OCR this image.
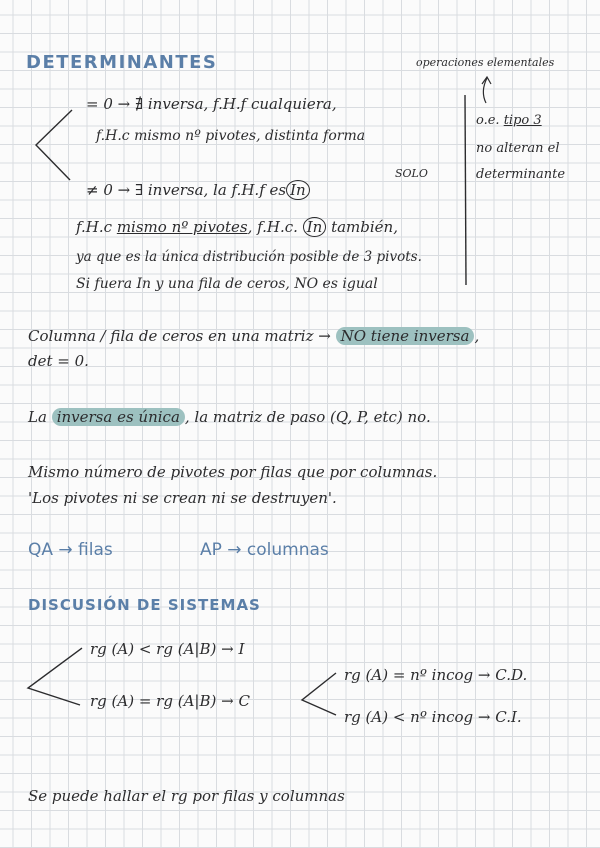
DETERMINANTES	operaciones elementales
o.e. tipo 3
no alteran el
determinante
= 0 → ∄ inversa, f.H.f cualquiera,
f.H.c mismo nº pivotes, distinta forma
SOLO
≠ 0 → ∃ inversa, la f.H.f es In
f.H.c mismo nº pivotes, f.H.c. In también,
ya que es la única distribución posible de 3 pivots.
Si fuera In y una fila de ceros, NO es igual
Columna / fila de ceros en una matriz → NO tiene inversa ,
det = 0.
La inversa es única , la matriz de paso (Q, P, etc) no.
Mismo número de pivotes por filas que por columnas.
'Los pivotes ni se crean ni se destruyen'.
QA → filas	AP → columnas
DISCUSIÓN DE SISTEMAS
rg (A) < rg (A|B) → I
rg (A) = rg (A|B) → C
rg (A) = nº incog → C.D.
rg (A) < nº incog → C.I.
Se puede hallar el rg por filas y columnas
